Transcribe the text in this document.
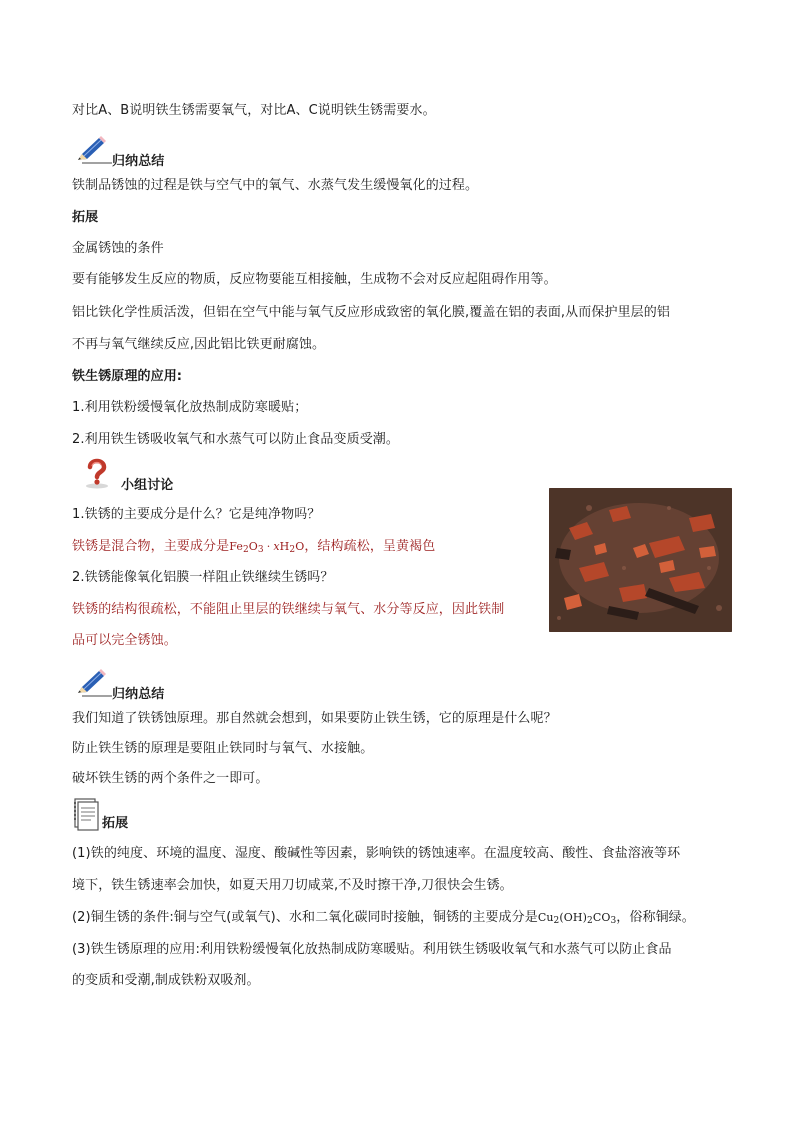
对比A、B说明铁生锈需要氧气，对比A、C说明铁生锈需要水。
归纳总结
铁制品锈蚀的过程是铁与空气中的氧气、水蒸气发生缓慢氧化的过程。
拓展
金属锈蚀的条件
要有能够发生反应的物质，反应物要能互相接触，生成物不会对反应起阻碍作用等。
铝比铁化学性质活泼，但铝在空气中能与氧气反应形成致密的氧化膜,覆盖在铝的表面,从而保护里层的铝
不再与氧气继续反应,因此铝比铁更耐腐蚀。
铁生锈原理的应用:
1.利用铁粉缓慢氧化放热制成防寒暖贴；
2.利用铁生锈吸收氧气和水蒸气可以防止食品变质受潮。
小组讨论
1.铁锈的主要成分是什么？它是纯净物吗？
铁锈是混合物，主要成分是$Fe_2O_3 \cdot xH_2O$，结构疏松，呈黄褐色
2.铁锈能像氧化铝膜一样阻止铁继续生锈吗？
铁锈的结构很疏松，不能阻止里层的铁继续与氧气、水分等反应，因此铁制
品可以完全锈蚀。
归纳总结
我们知道了铁锈蚀原理。那自然就会想到，如果要防止铁生锈，它的原理是什么呢？
防止铁生锈的原理是要阻止铁同时与氧气、水接触。
破坏铁生锈的两个条件之一即可。
拓展
(1)铁的纯度、环境的温度、湿度、酸碱性等因素，影响铁的锈蚀速率。在温度较高、酸性、食盐溶液等环
境下，铁生锈速率会加快，如夏天用刀切咸菜,不及时擦干净,刀很快会生锈。
(2)铜生锈的条件:铜与空气(或氧气)、水和二氧化碳同时接触，铜锈的主要成分是$Cu_2(OH)_2CO_3$，俗称铜绿。
(3)铁生锈原理的应用:利用铁粉缓慢氧化放热制成防寒暖贴。利用铁生锈吸收氧气和水蒸气可以防止食品
的变质和受潮,制成铁粉双吸剂。
